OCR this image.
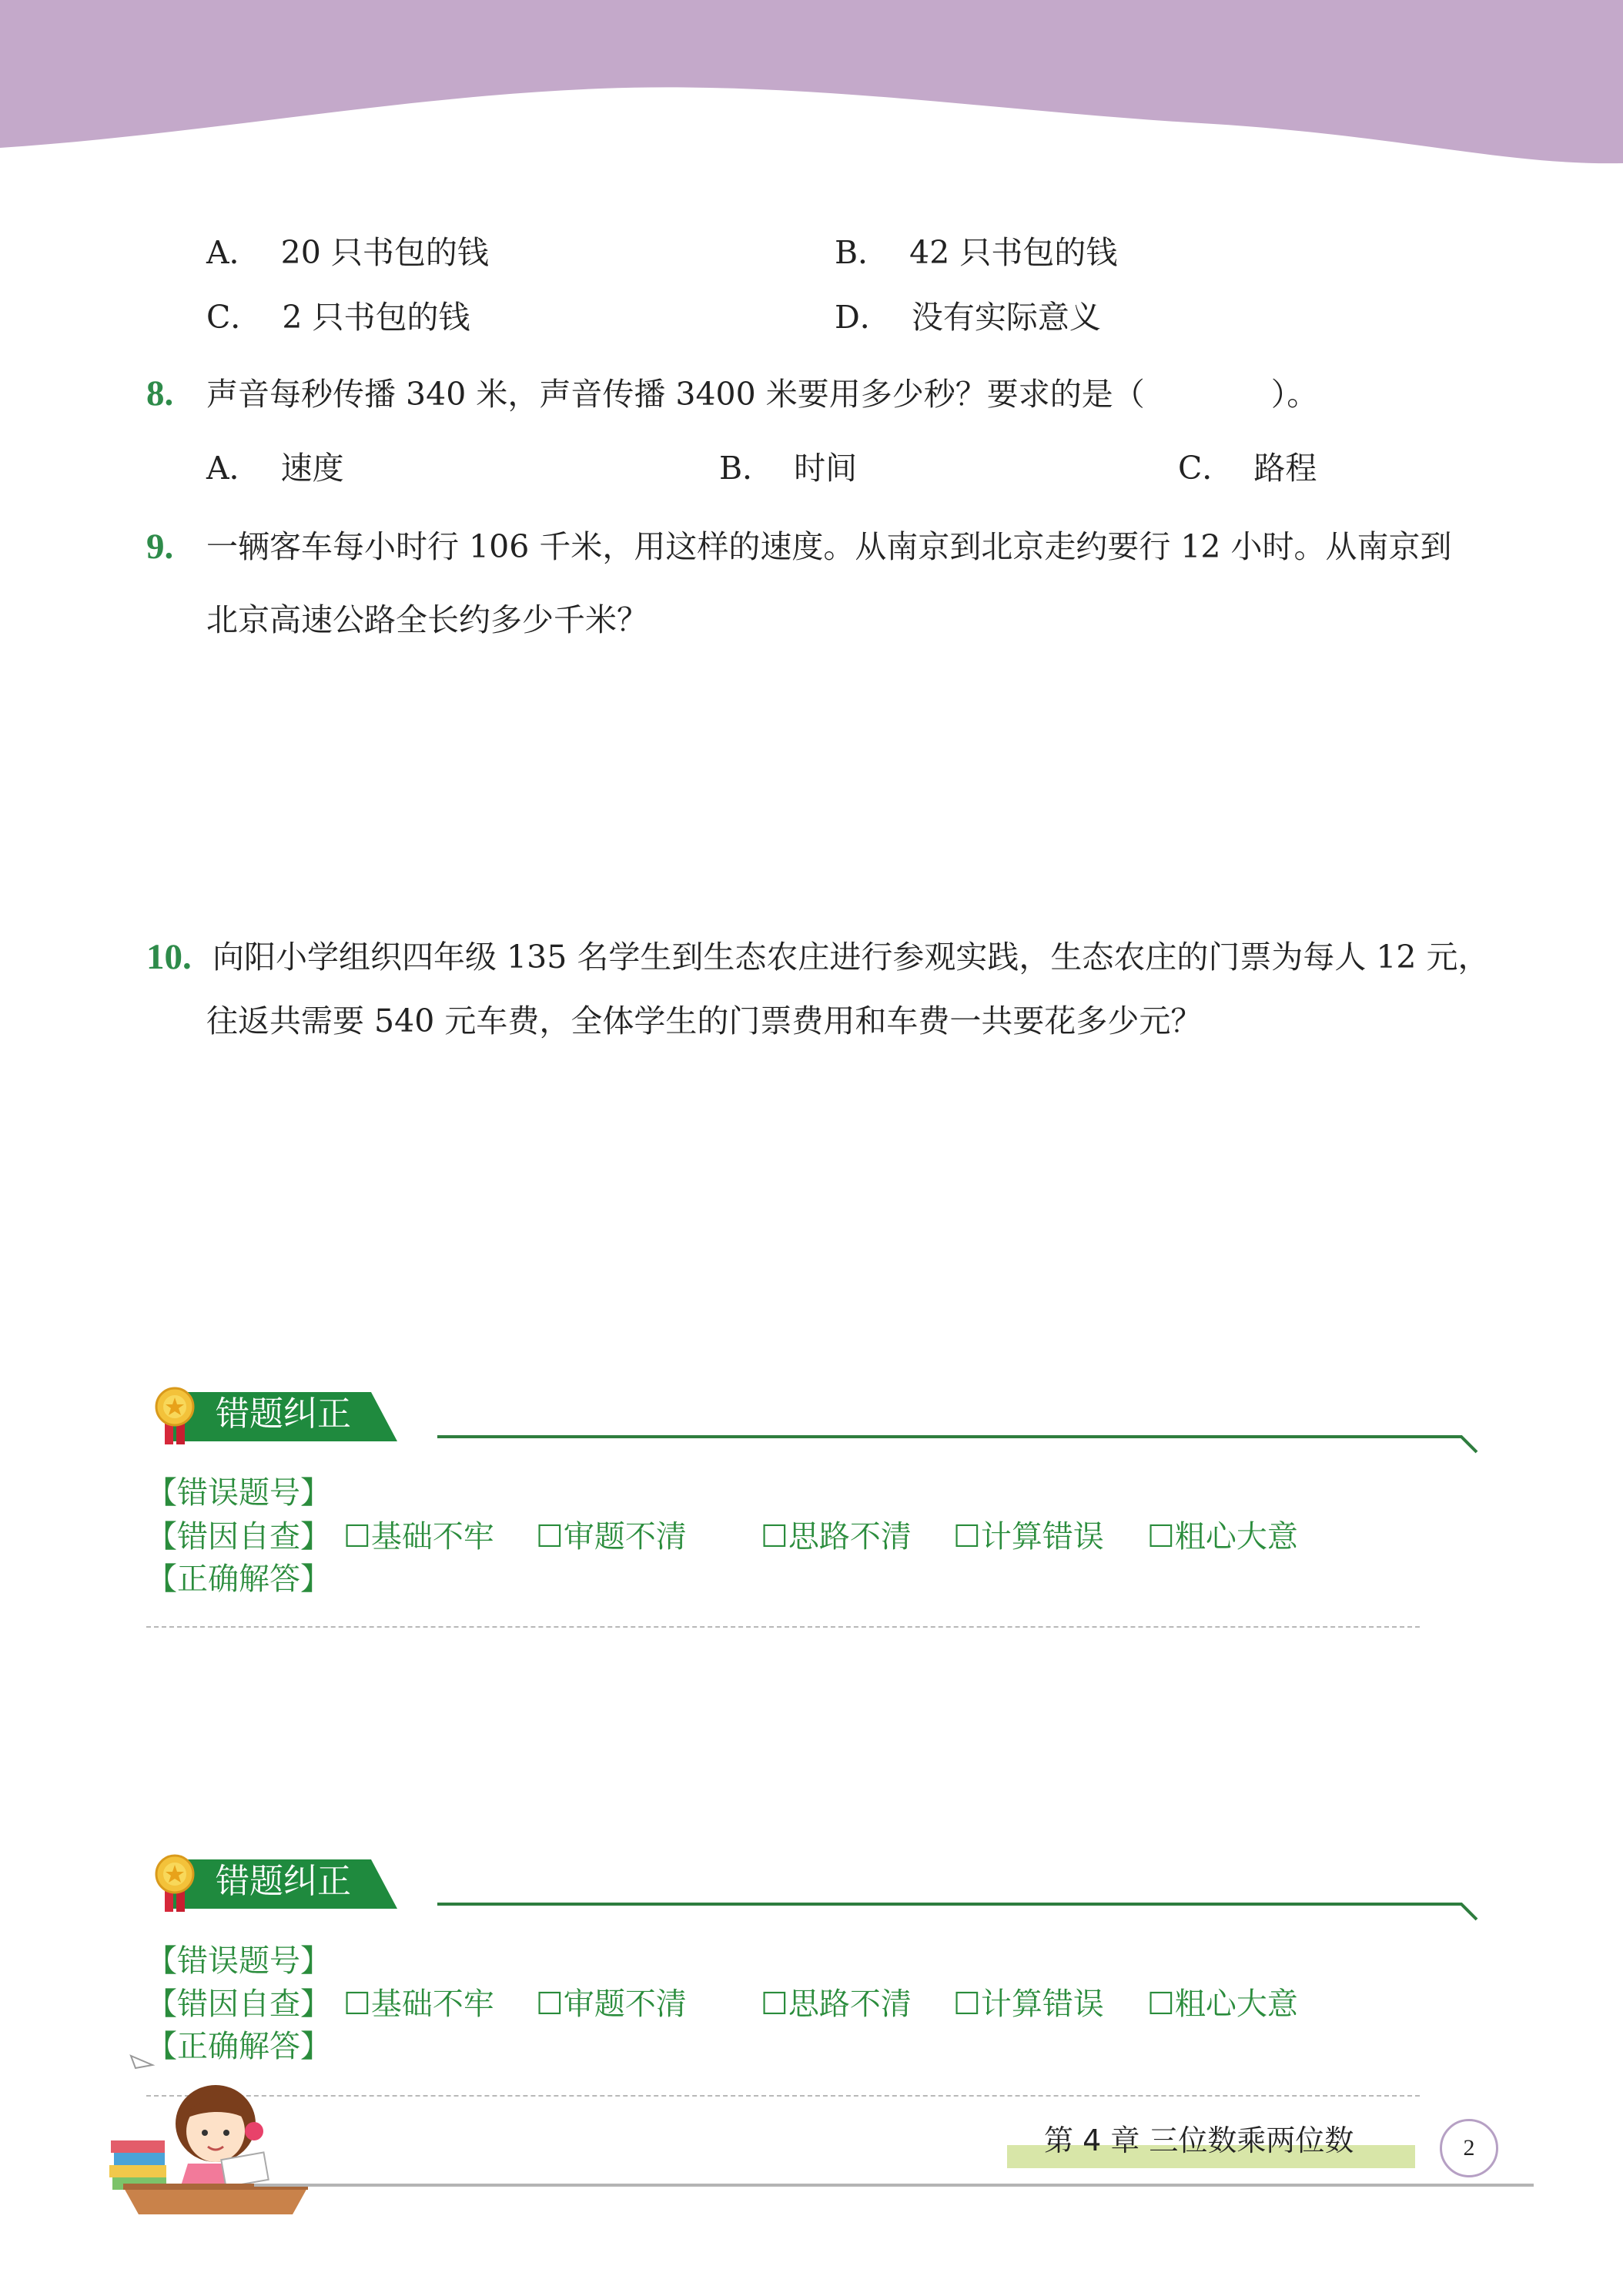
A． 20 只书包的钱	B． 42 只书包的钱
C． 2 只书包的钱	D． 没有实际意义
8. 声音每秒传播 340 米，声音传播 3400 米要用多少秒？要求的是（　　　　）。
A． 速度	B． 时间	C． 路程
9. 一辆客车每小时行 106 千米，用这样的速度。从南京到北京走约要行 12 小时。从南京到
北京高速公路全长约多少千米？
10. 向阳小学组织四年级 135 名学生到生态农庄进行参观实践，生态农庄的门票为每人 12 元，
往返共需要 540 元车费，全体学生的门票费用和车费一共要花多少元？
错题纠正
【错误题号】
【错因自查】 ☐基础不牢 ☐审题不清 ☐思路不清 ☐计算错误 ☐粗心大意
【正确解答】
错题纠正
【错误题号】
【错因自查】 ☐基础不牢 ☐审题不清 ☐思路不清 ☐计算错误 ☐粗心大意
【正确解答】
第 4 章 三位数乘两位数	2
